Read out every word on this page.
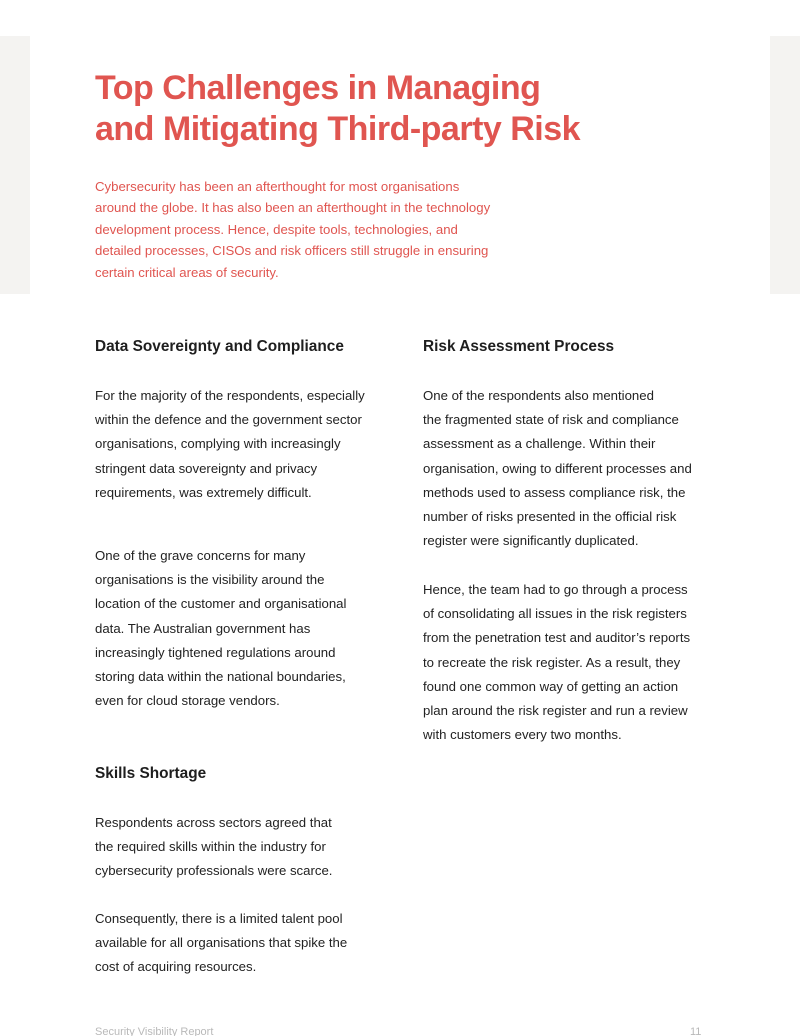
Top Challenges in Managing
and Mitigating Third-party Risk

Cybersecurity has been an afterthought for most organisations
around the globe. It has also been an afterthought in the technology
development process. Hence, despite tools, technologies, and
detailed processes, CISOs and risk officers still struggle in ensuring
certain critical areas of security.

Data Sovereignty and Compliance

For the majority of the respondents, especially
within the defence and the government sector
organisations, complying with increasingly
stringent data sovereignty and privacy
requirements, was extremely difficult.

One of the grave concerns for many
organisations is the visibility around the
location of the customer and organisational
data. The Australian government has
increasingly tightened regulations around
storing data within the national boundaries,
even for cloud storage vendors.

Skills Shortage

Respondents across sectors agreed that
the required skills within the industry for
cybersecurity professionals were scarce.

Consequently, there is a limited talent pool
available for all organisations that spike the
cost of acquiring resources.

Risk Assessment Process

One of the respondents also mentioned
the fragmented state of risk and compliance
assessment as a challenge. Within their
organisation, owing to different processes and
methods used to assess compliance risk, the
number of risks presented in the official risk
register were significantly duplicated.

Hence, the team had to go through a process
of consolidating all issues in the risk registers
from the penetration test and auditor’s reports
to recreate the risk register. As a result, they
found one common way of getting an action
plan around the risk register and run a review
with customers every two months.

Security Visibility Report	11
